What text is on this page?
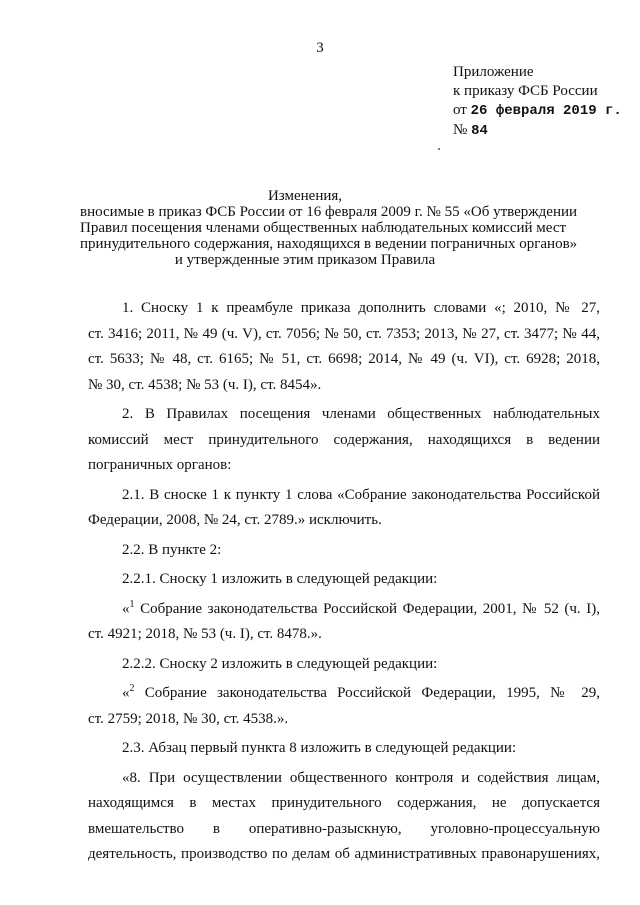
3
Приложение
к приказу ФСБ России
от 26 февраля 2019 г.
№ 84
Изменения,
вносимые в приказ ФСБ России от 16 февраля 2009 г. № 55 «Об утверждении
Правил посещения членами общественных наблюдательных комиссий мест
принудительного содержания, находящихся в ведении пограничных органов»
и утвержденные этим приказом Правила
1. Сноску 1 к преамбуле приказа дополнить словами «; 2010, № 27,
ст. 3416; 2011, № 49 (ч. V), ст. 7056; № 50, ст. 7353; 2013, № 27, ст. 3477; № 44,
ст. 5633; № 48, ст. 6165; № 51, ст. 6698; 2014, № 49 (ч. VI), ст. 6928; 2018,
№ 30, ст. 4538; № 53 (ч. I), ст. 8454».
2. В Правилах посещения членами общественных наблюдательных
комиссий мест принудительного содержания, находящихся в ведении
пограничных органов:
2.1. В сноске 1 к пункту 1 слова «Собрание законодательства Российской
Федерации, 2008, № 24, ст. 2789.» исключить.
2.2. В пункте 2:
2.2.1. Сноску 1 изложить в следующей редакции:
«$^1$ Собрание законодательства Российской Федерации, 2001, № 52 (ч. I),
ст. 4921; 2018, № 53 (ч. I), ст. 8478.».
2.2.2. Сноску 2 изложить в следующей редакции:
«$^2$ Собрание законодательства Российской Федерации, 1995, № 29,
ст. 2759; 2018, № 30, ст. 4538.».
2.3. Абзац первый пункта 8 изложить в следующей редакции:
«8. При осуществлении общественного контроля и содействия лицам,
находящимся в местах принудительного содержания, не допускается
вмешательство в оперативно-разыскную, уголовно-процессуальную
деятельность, производство по делам об административных правонарушениях,
